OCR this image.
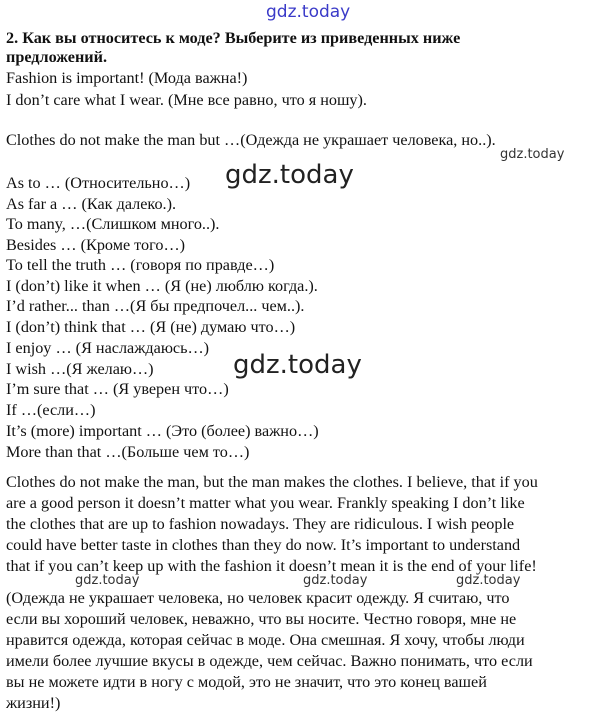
gdz.today
gdz.today
gdz.today
gdz.today
gdz.today	gdz.today	gdz.today
2. Как вы относитесь к моде? Выберите из приведенных ниже
предложений.
Fashion is important! (Мода важна!)
I don’t care what I wear. (Мне все равно, что я ношу).
Clothes do not make the man but …(Одежда не украшает человека, но..).
As to … (Относительно…)
As far a … (Как далеко.).
To many, …(Слишком много..).
Besides … (Кроме того…)
To tell the truth … (говоря по правде…)
I (don’t) like it when … (Я (не) люблю когда.).
I’d rather... than …(Я бы предпочел... чем..).
I (don’t) think that … (Я (не) думаю что…)
I enjoy … (Я наслаждаюсь…)
I wish …(Я желаю…)
I’m sure that … (Я уверен что…)
If …(если…)
It’s (more) important … (Это (более) важно…)
More than that …(Больше чем то…)
Clothes do not make the man, but the man makes the clothes. I believe, that if you
are a good person it doesn’t matter what you wear. Frankly speaking I don’t like
the clothes that are up to fashion nowadays. They are ridiculous. I wish people
could have better taste in clothes than they do now. It’s important to understand
that if you can’t keep up with the fashion it doesn’t mean it is the end of your life!
(Одежда не украшает человека, но человек красит одежду. Я считаю, что
если вы хороший человек, неважно, что вы носите. Честно говоря, мне не
нравится одежда, которая сейчас в моде. Она смешная. Я хочу, чтобы люди
имели более лучшие вкусы в одежде, чем сейчас. Важно понимать, что если
вы не можете идти в ногу с модой, это не значит, что это конец вашей
жизни!)
